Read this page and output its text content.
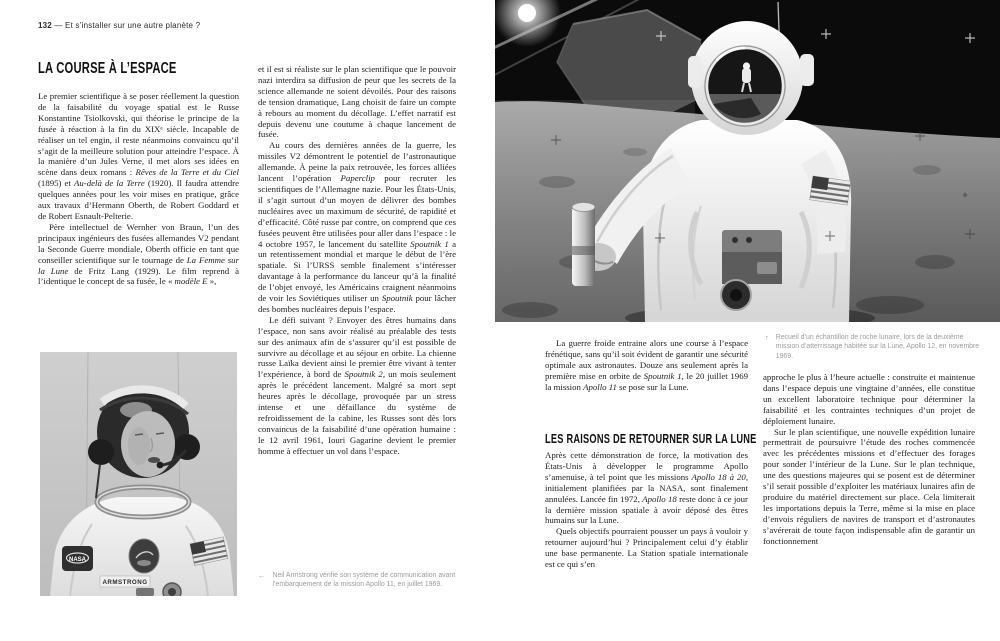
132 — Et s’installer sur une autre planète ?
LA COURSE À L’ESPACE

Le premier scientifique à se poser réellement la question de la faisabilité du voyage spatial est le Russe Konstantine Tsiolkovski, qui théorise le principe de la fusée à réaction à la fin du XIXᵉ siècle. Incapable de réaliser un tel engin, il reste néanmoins convaincu qu’il s’agit de la meilleure solution pour atteindre l’espace. À la manière d’un Jules Verne, il met alors ses idées en scène dans deux romans : Rêves de la Terre et du Ciel (1895) et Au-delà de la Terre (1920). Il faudra attendre quelques années pour les voir mises en pratique, grâce aux travaux d’Hermann Oberth, de Robert Goddard et de Robert Esnault-Pelterie.

Père intellectuel de Wernher von Braun, l’un des principaux ingénieurs des fusées allemandes V2 pendant la Seconde Guerre mondiale, Oberth officie en tant que conseiller scientifique sur le tournage de La Femme sur la Lune de Fritz Lang (1929). Le film reprend à l’identique le concept de sa fusée, le « modèle E »,

NASA
ARMSTRONG

et il est si réaliste sur le plan scientifique que le pouvoir nazi interdira sa diffusion de peur que les secrets de la science allemande ne soient dévoilés. Pour des raisons de tension dramatique, Lang choisit de faire un compte à rebours au moment du décollage. L’effet narratif est depuis devenu une coutume à chaque lancement de fusée.

Au cours des dernières années de la guerre, les missiles V2 démontrent le potentiel de l’astronautique allemande. À peine la paix retrouvée, les forces alliées lancent l’opération Paperclip pour recruter les scientifiques de l’Allemagne nazie. Pour les États-Unis, il s’agit surtout d’un moyen de délivrer des bombes nucléaires avec un maximum de sécurité, de rapidité et d’efficacité. Côté russe par contre, on comprend que ces fusées peuvent être utilisées pour aller dans l’espace : le 4 octobre 1957, le lancement du satellite Spoutnik 1 a un retentissement mondial et marque le début de l’ère spatiale. Si l’URSS semble finalement s’intéresser davantage à la performance du lanceur qu’à la finalité de l’objet envoyé, les Américains craignent néanmoins de voir les Soviétiques utiliser un Spoutnik pour lâcher des bombes nucléaires depuis l’espace.

Le défi suivant ? Envoyer des êtres humains dans l’espace, non sans avoir réalisé au préalable des tests sur des animaux afin de s’assurer qu’il est possible de survivre au décollage et au séjour en orbite. La chienne russe Laïka devient ainsi le premier être vivant à tenter l’expérience, à bord de Spoutnik 2, un mois seulement après le précédent lancement. Malgré sa mort sept heures après le décollage, provoquée par un stress intense et une défaillance du système de refroidissement de la cabine, les Russes sont dès lors convaincus de la faisabilité d’une opération humaine : le 12 avril 1961, Iouri Gagarine devient le premier homme à effectuer un vol dans l’espace.

← Neil Armstrong vérifie son système de communication avant l’embarquement de la mission Apollo 11, en juillet 1969.
↑ Recueil d’un échantillon de roche lunaire, lors de la deuxième mission d’atterrissage habitée sur la Lune, Apollo 12, en novembre 1969.

La guerre froide entraine alors une course à l’espace frénétique, sans qu’il soit évident de garantir une sécurité optimale aux astronautes. Douze ans seulement après la première mise en orbite de Spoutnik 1, le 20 juillet 1969 la mission Apollo 11 se pose sur la Lune.

LES RAISONS DE RETOURNER SUR LA LUNE

Après cette démonstration de force, la motivation des États-Unis à développer le programme Apollo s’amenuise, à tel point que les missions Apollo 18 à 20, initialement planifiées par la NASA, sont finalement annulées. Lancée fin 1972, Apollo 18 reste donc à ce jour la dernière mission spatiale à avoir déposé des êtres humains sur la Lune.

Quels objectifs pourraient pousser un pays à vouloir y retourner aujourd’hui ? Principalement celui d’y établir une base permanente. La Station spatiale internationale est ce qui s’en

approche le plus à l’heure actuelle : construite et maintenue dans l’espace depuis une vingtaine d’années, elle constitue un excellent laboratoire technique pour déterminer la faisabilité et les contraintes techniques d’un projet de déploiement lunaire.

Sur le plan scientifique, une nouvelle expédition lunaire permettrait de poursuivre l’étude des roches commencée avec les précédentes missions et d’effectuer des forages pour sonder l’intérieur de la Lune. Sur le plan technique, une des questions majeures qui se posent est de déterminer s’il serait possible d’exploiter les matériaux lunaires afin de produire du matériel directement sur place. Cela limiterait les importations depuis la Terre, même si la mise en place d’envois réguliers de navires de transport et d’astronautes s’avérerait de toute façon indispensable afin de garantir un fonctionnement
